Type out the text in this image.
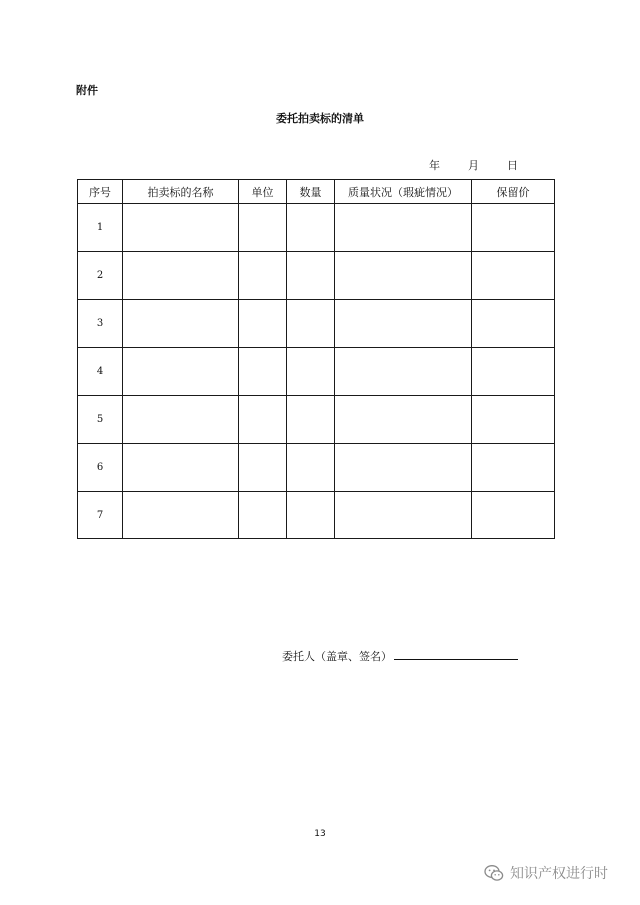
附件
委托拍卖标的清单
年	月	日
序号	拍卖标的名称	单位	数量	质量状况（瑕疵情况）	保留价
1					
2					
3					
4					
5					
6					
7					
委托人（盖章、签名）
13
知识产权进行时
